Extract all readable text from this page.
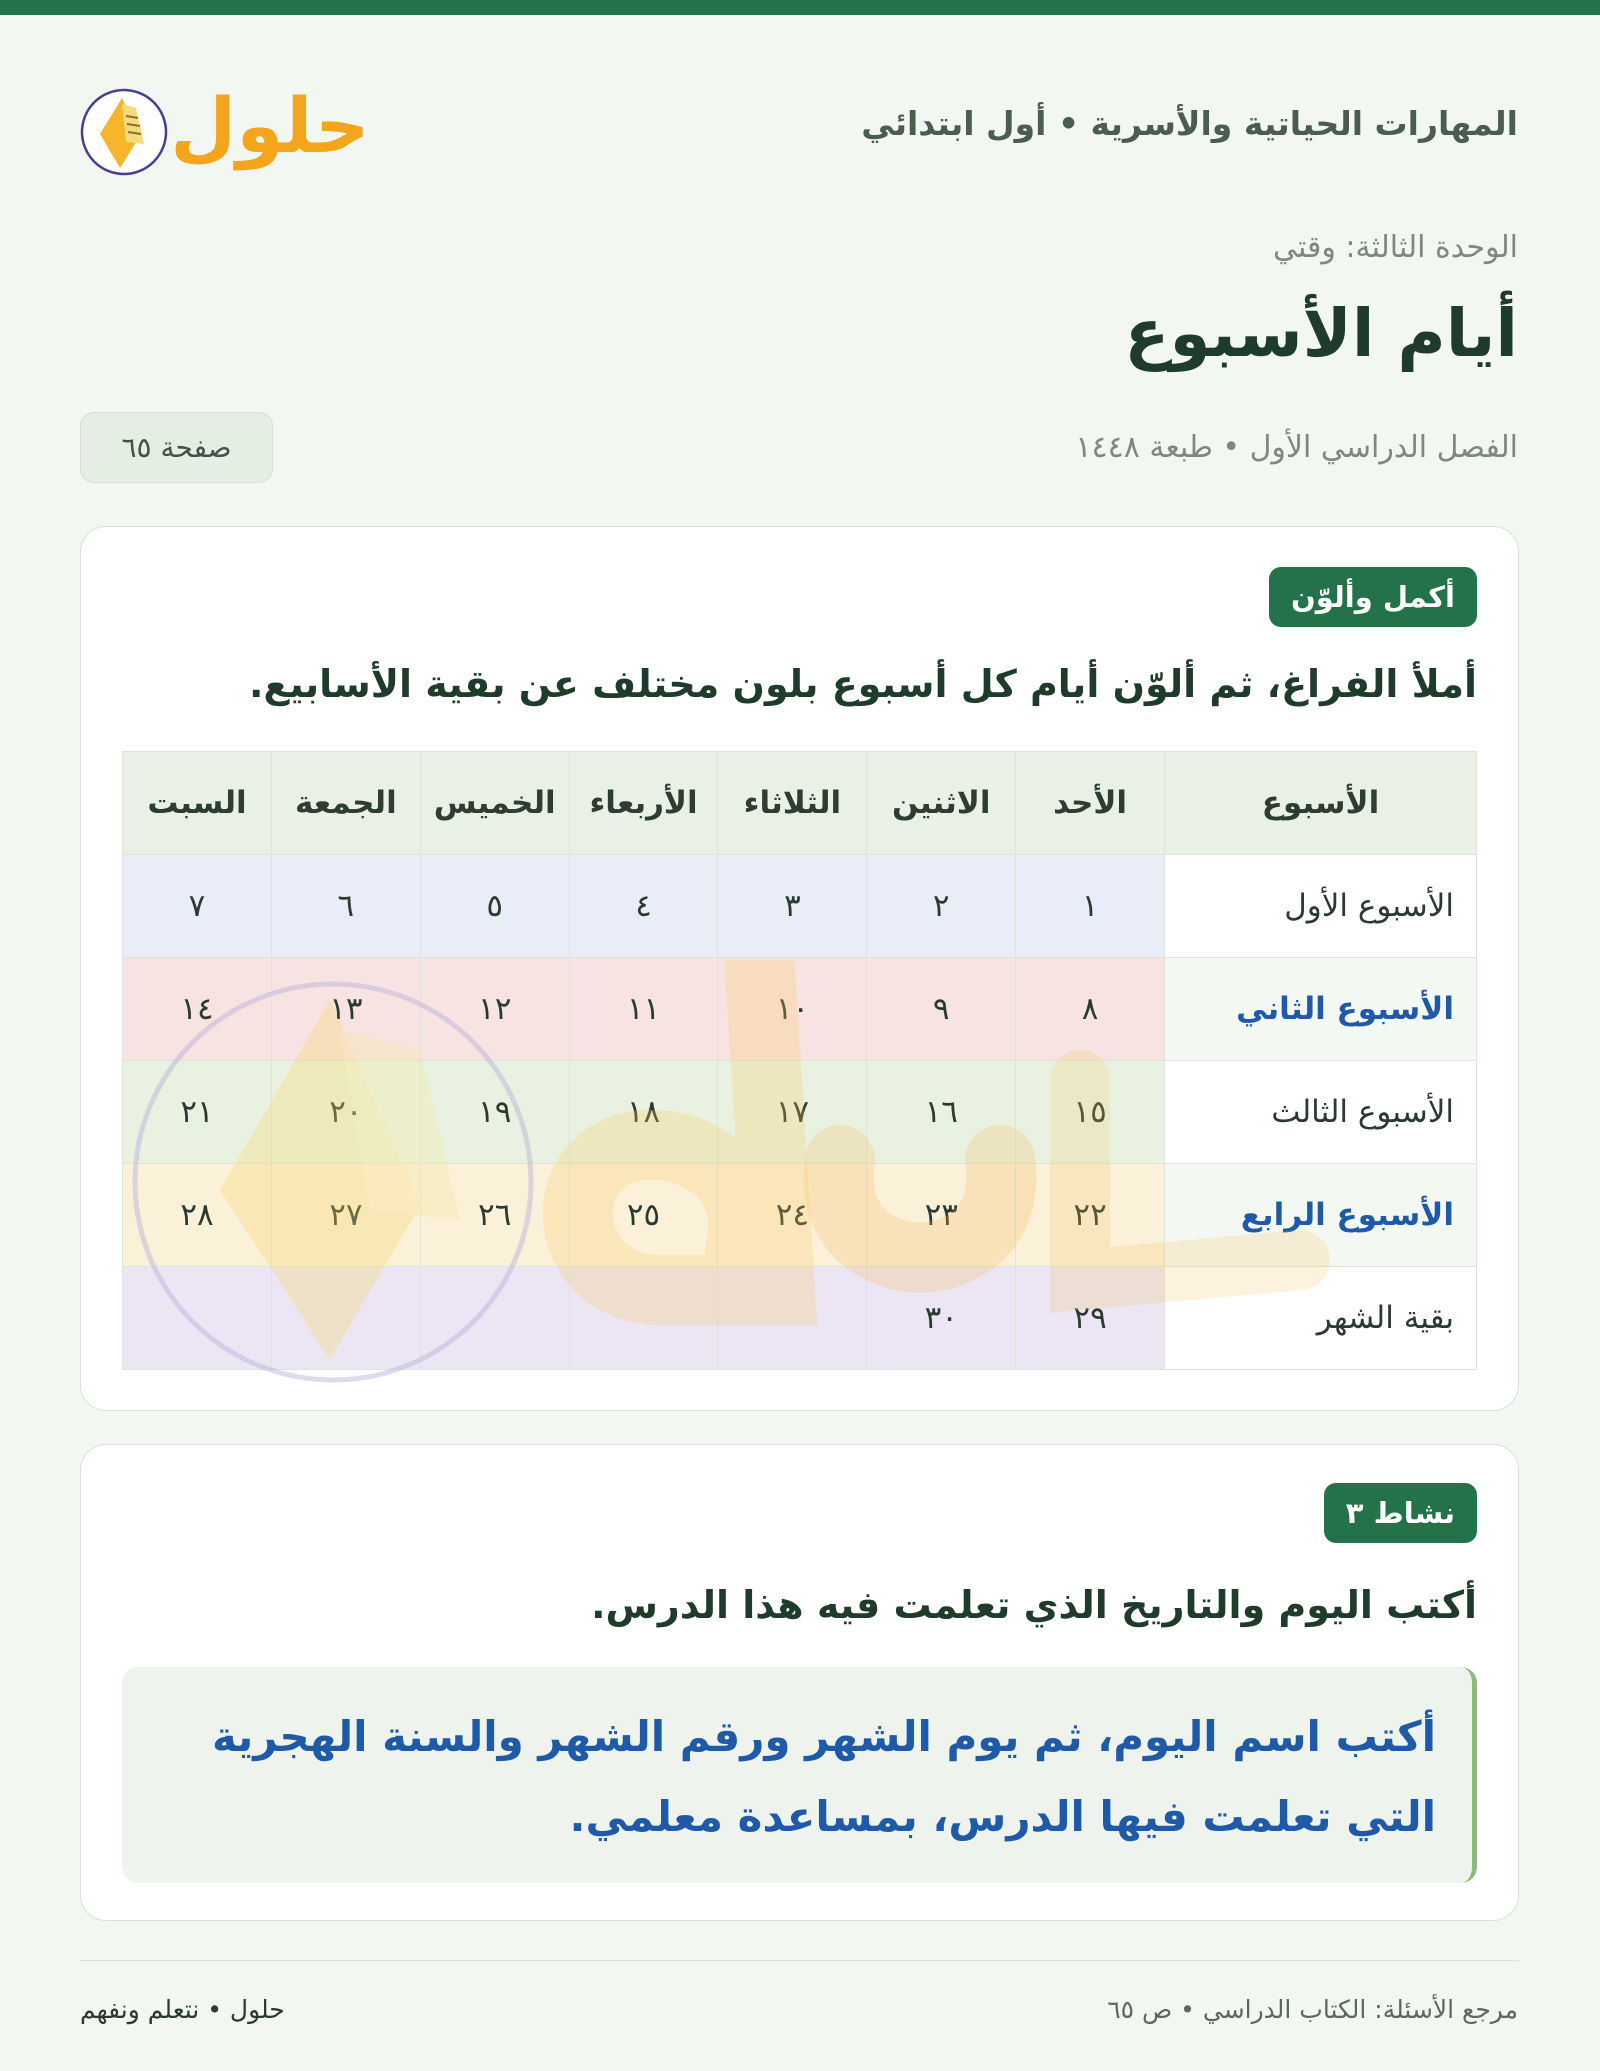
حلول	المهارات الحياتية والأسرية • أول ابتدائي
الوحدة الثالثة: وقتي
أيام الأسبوع
الفصل الدراسي الأول • طبعة ١٤٤٨
صفحة ٦٥
أكمل وألوّن
أملأ الفراغ، ثم ألوّن أيام كل أسبوع بلون مختلف عن بقية الأسابيع.
الأسبوع	الأحد	الاثنين	الثلاثاء	الأربعاء	الخميس	الجمعة	السبت
الأسبوع الأول	١	٢	٣	٤	٥	٦	٧
الأسبوع الثاني	٨	٩	١٠	١١	١٢	١٣	١٤
الأسبوع الثالث	١٥	١٦	١٧	١٨	١٩	٢٠	٢١
الأسبوع الرابع	٢٢	٢٣	٢٤	٢٥	٢٦	٢٧	٢٨
بقية الشهر	٢٩	٣٠					
نشاط ٣
أكتب اليوم والتاريخ الذي تعلمت فيه هذا الدرس.
أكتب اسم اليوم، ثم يوم الشهر ورقم الشهر والسنة الهجرية التي تعلمت فيها الدرس، بمساعدة معلمي.
مرجع الأسئلة: الكتاب الدراسي • ص ٦٥
حلول • نتعلم ونفهم
